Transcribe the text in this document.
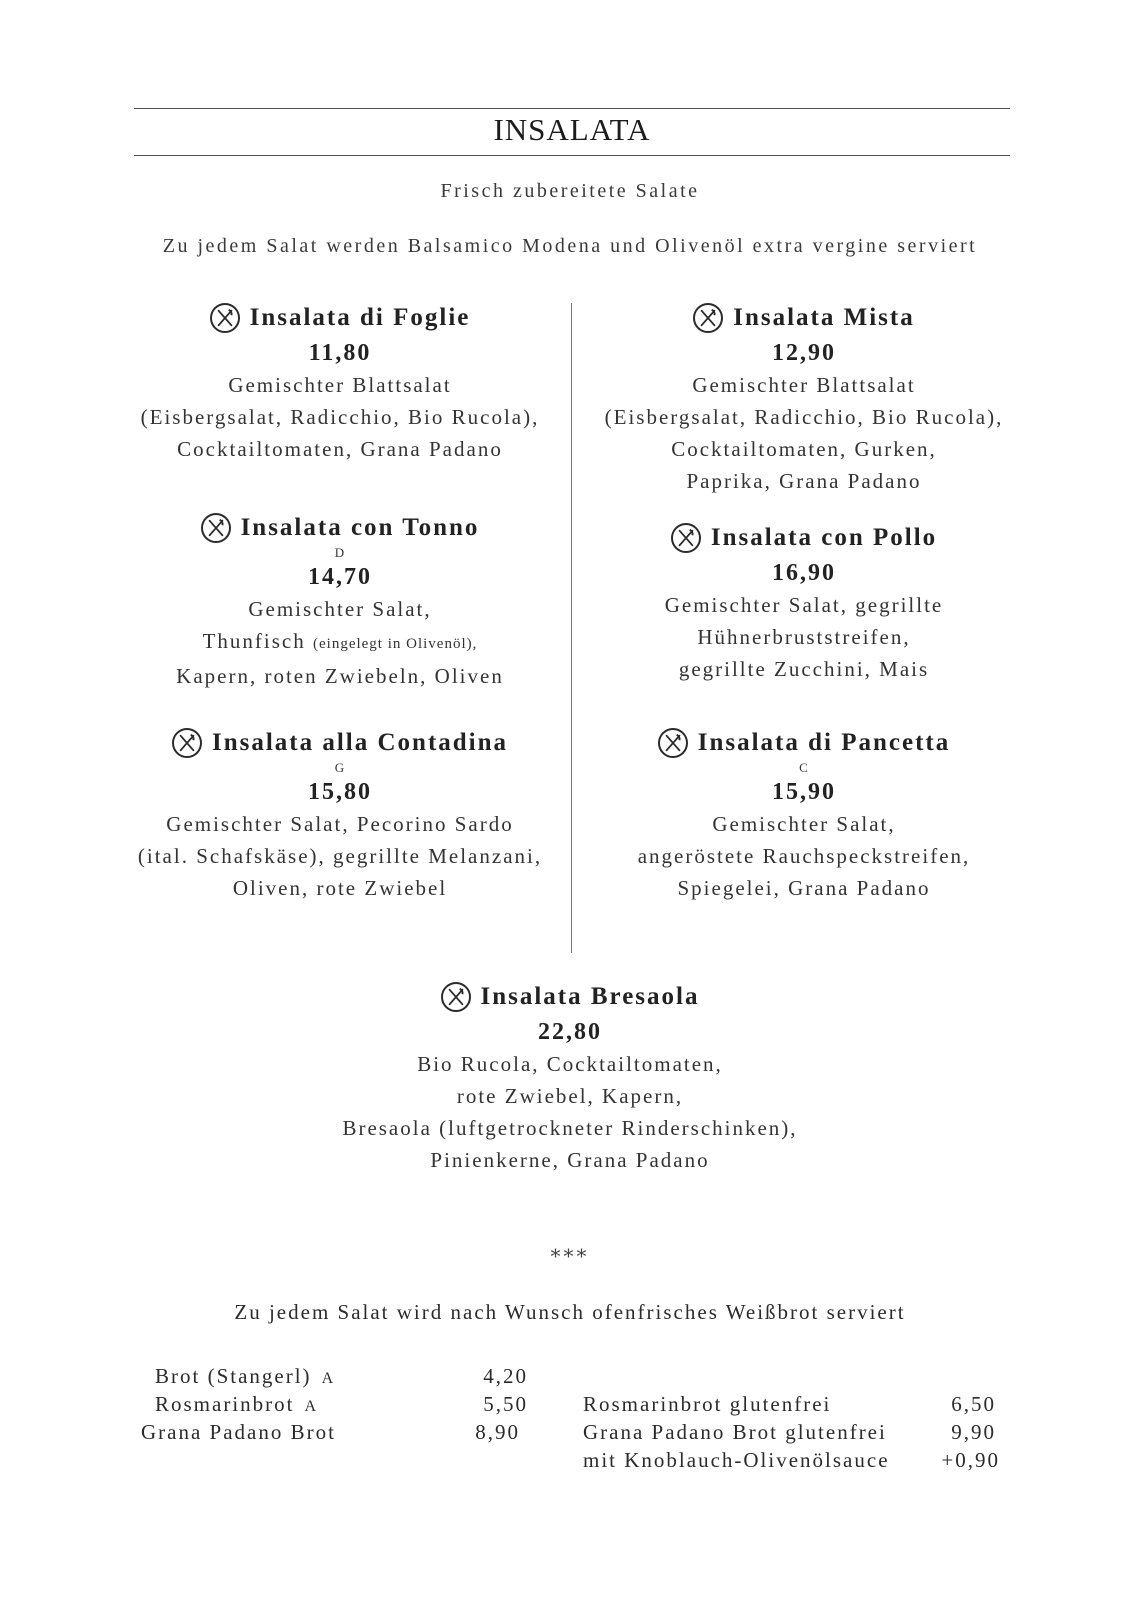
INSALATA
Frisch zubereitete Salate
Zu jedem Salat werden Balsamico Modena und Olivenöl extra vergine serviert
Insalata di Foglie
11,80
Gemischter Blattsalat
(Eisbergsalat, Radicchio, Bio Rucola),
Cocktailtomaten, Grana Padano
Insalata Mista
12,90
Gemischter Blattsalat
(Eisbergsalat, Radicchio, Bio Rucola),
Cocktailtomaten, Gurken,
Paprika, Grana Padano
Insalata con Tonno
D
14,70
Gemischter Salat,
Thunfisch (eingelegt in Olivenöl),
Kapern, roten Zwiebeln, Oliven
Insalata con Pollo
16,90
Gemischter Salat, gegrillte
Hühnerbruststreifen,
gegrillte Zucchini, Mais
Insalata alla Contadina
G
15,80
Gemischter Salat, Pecorino Sardo
(ital. Schafskäse), gegrillte Melanzani,
Oliven, rote Zwiebel
Insalata di Pancetta
C
15,90
Gemischter Salat,
angeröstete Rauchspeckstreifen,
Spiegelei, Grana Padano
Insalata Bresaola
22,80
Bio Rucola, Cocktailtomaten,
rote Zwiebel, Kapern,
Bresaola (luftgetrockneter Rinderschinken),
Pinienkerne, Grana Padano
***
Zu jedem Salat wird nach Wunsch ofenfrisches Weißbrot serviert
Brot (Stangerl) A	4,20
Rosmarinbrot A	5,50
Grana Padano Brot	8,90
Rosmarinbrot glutenfrei	6,50
Grana Padano Brot glutenfrei	9,90
mit Knoblauch-Olivenölsauce	+0,90
